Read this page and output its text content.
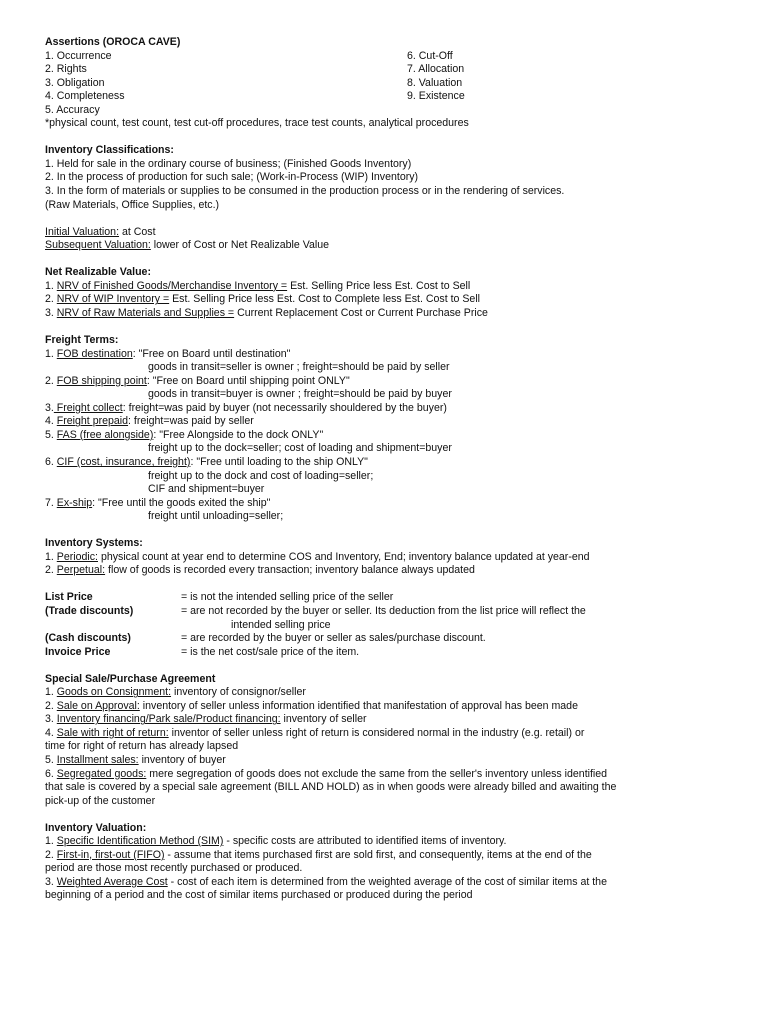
Assertions (OROCA CAVE)
1. Occurrence	6. Cut-Off
2. Rights	7. Allocation
3. Obligation	8. Valuation
4. Completeness	9. Existence
5. Accuracy
*physical count, test count, test cut-off procedures, trace test counts, analytical procedures
Inventory Classifications:
1. Held for sale in the ordinary course of business; (Finished Goods Inventory)
2. In the process of production for such sale; (Work-in-Process (WIP) Inventory)
3. In the form of materials or supplies to be consumed in the production process or in the rendering of services.
(Raw Materials, Office Supplies, etc.)
Initial Valuation: at Cost
Subsequent Valuation: lower of Cost or Net Realizable Value
Net Realizable Value:
1. NRV of Finished Goods/Merchandise Inventory = Est. Selling Price less Est. Cost to Sell
2. NRV of WIP Inventory = Est. Selling Price less Est. Cost to Complete less Est. Cost to Sell
3. NRV of Raw Materials and Supplies = Current Replacement Cost or Current Purchase Price
Freight Terms:
1. FOB destination: "Free on Board until destination"
goods in transit=seller is owner ; freight=should be paid by seller
2. FOB shipping point: "Free on Board until shipping point ONLY"
goods in transit=buyer is owner ; freight=should be paid by buyer
3. Freight collect: freight=was paid by buyer (not necessarily shouldered by the buyer)
4. Freight prepaid: freight=was paid by seller
5. FAS (free alongside): "Free Alongside to the dock ONLY"
freight up to the dock=seller; cost of loading and shipment=buyer
6. CIF (cost, insurance, freight): "Free until loading to the ship ONLY"
freight up to the dock and cost of loading=seller;
CIF and shipment=buyer
7. Ex-ship: "Free until the goods exited the ship"
freight until unloading=seller;
Inventory Systems:
1. Periodic: physical count at year end to determine COS and Inventory, End; inventory balance updated at year-end
2. Perpetual: flow of goods is recorded every transaction; inventory balance always updated
List Price	= is not the intended selling price of the seller
(Trade discounts)	= are not recorded by the buyer or seller. Its deduction from the list price will reflect the
intended selling price
(Cash discounts)	= are recorded by the buyer or seller as sales/purchase discount.
Invoice Price	= is the net cost/sale price of the item.
Special Sale/Purchase Agreement
1. Goods on Consignment: inventory of consignor/seller
2. Sale on Approval: inventory of seller unless information identified that manifestation of approval has been made
3. Inventory financing/Park sale/Product financing: inventory of seller
4. Sale with right of return: inventor of seller unless right of return is considered normal in the industry (e.g. retail) or
time for right of return has already lapsed
5. Installment sales: inventory of buyer
6. Segregated goods: mere segregation of goods does not exclude the same from the seller's inventory unless identified
that sale is covered by a special sale agreement (BILL AND HOLD) as in when goods were already billed and awaiting the
pick-up of the customer
Inventory Valuation:
1. Specific Identification Method (SIM) - specific costs are attributed to identified items of inventory.
2. First-in, first-out (FIFO) - assume that items purchased first are sold first, and consequently, items at the end of the
period are those most recently purchased or produced.
3. Weighted Average Cost - cost of each item is determined from the weighted average of the cost of similar items at the
beginning of a period and the cost of similar items purchased or produced during the period
